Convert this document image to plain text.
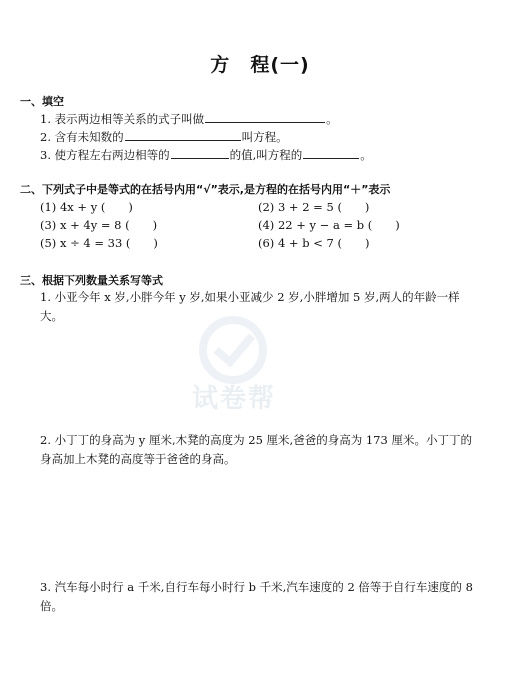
方 程(一)
一、填空
1. 表示两边相等关系的式子叫做	。
2. 含有未知数的	叫方程。
3. 使方程左右两边相等的	的值,叫方程的	。
二、下列式子中是等式的在括号内用“√”表示,是方程的在括号内用“＋”表示
(1) 4x + y (　　)	(2) 3 + 2 = 5 (　　)
(3) x + 4y = 8 (　　)	(4) 22 + y − a = b (　　)
(5) x ÷ 4 = 33 (　　)	(6) 4 + b < 7 (　　)
三、根据下列数量关系写等式
1. 小亚今年 x 岁,小胖今年 y 岁,如果小亚减少 2 岁,小胖增加 5 岁,两人的年龄一样大。
试卷帮
2. 小丁丁的身高为 y 厘米,木凳的高度为 25 厘米,爸爸的身高为 173 厘米。小丁丁的身高加上木凳的高度等于爸爸的身高。
3. 汽车每小时行 a 千米,自行车每小时行 b 千米,汽车速度的 2 倍等于自行车速度的 8 倍。
